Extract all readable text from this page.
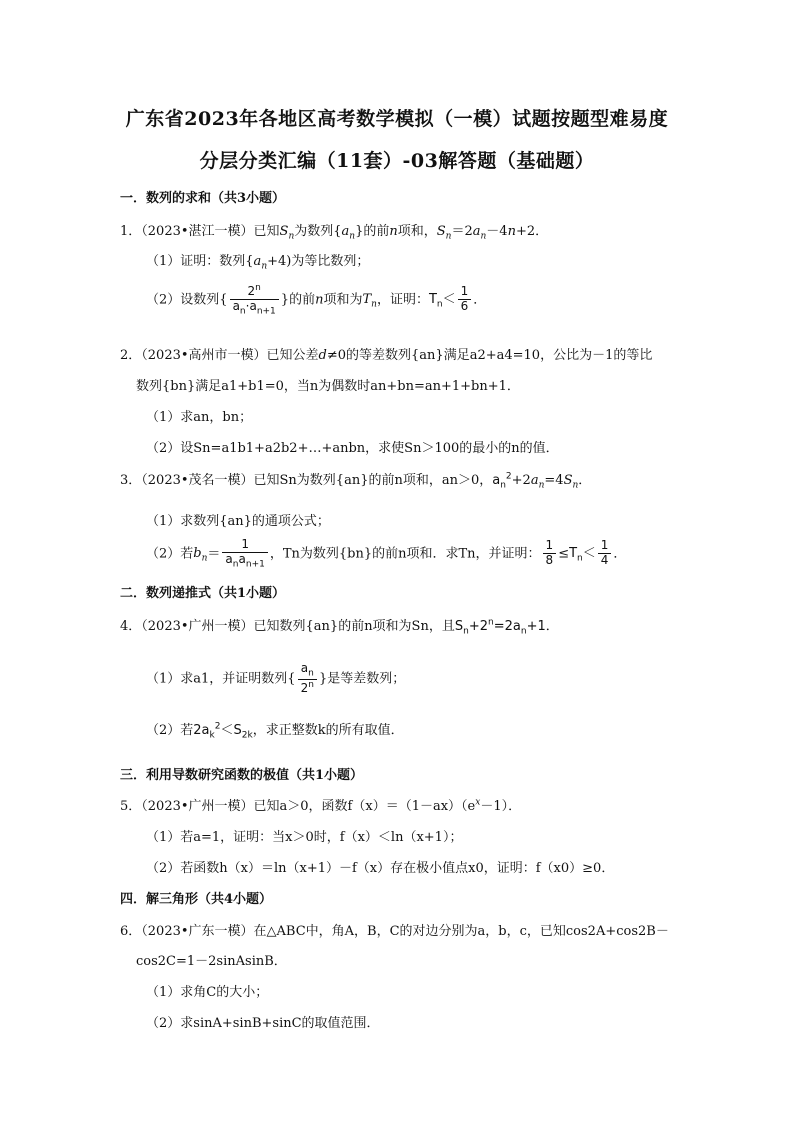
广东省2023年各地区高考数学模拟（一模）试题按题型难易度
分层分类汇编（11套）-03解答题（基础题）
一．数列的求和（共3小题）
1．（2023•湛江一模）已知$S_n$为数列$\{a_n\}$的前n项和，$S_n=2a_n-4n+2$．
（1）证明：数列$\{a_n+4)$为等比数列；
（2）设数列{ $\frac{2^n}{a_n\cdot a_{n+1}}$ }的前n项和为$T_n$，证明：$T_n< \frac{1}{6}$ ．
2．（2023•高州市一模）已知公差d≠0的等差数列{an}满足a2+a4=10，公比为－1的等比
数列{bn}满足a1+b1=0，当n为偶数时an+bn=an+1+bn+1．
（1）求an，bn；
（2）设Sn=a1b1+a2b2+…+anbn，求使Sn＞100的最小的n的值．
3．（2023•茂名一模）已知Sn为数列{an}的前n项和，an＞0，$a_n^2+2a_n=4S_n$．
（1）求数列{an}的通项公式；
（2）若$b_n= \frac{1}{a_na_{n+1}}$ ，Tn为数列{bn}的前n项和．求Tn，并证明： $\frac{1}{8} \le T_n< \frac{1}{4}$ ．
二．数列递推式（共1小题）
4．（2023•广州一模）已知数列{an}的前n项和为Sn，且$S_n+2^n=2a_n+1$．
（1）求a1，并证明数列{ $\frac{a_n}{2^n}$ }是等差数列；
（2）若$2a_k^2<S_{2k}$，求正整数k的所有取值．
三．利用导数研究函数的极值（共1小题）
5．（2023•广州一模）已知a＞0，函数$f(x)=(1-ax)(e^x-1)$．
（1）若a=1，证明：当x＞0时，f（x）＜ln（x+1）；
（2）若函数h（x）＝ln（x+1）－f（x）存在极小值点x0，证明：f（x0）≥0．
四．解三角形（共4小题）
6．（2023•广东一模）在△ABC中，角A，B，C的对边分别为a，b，c，已知cos2A+cos2B－
cos2C=1－2sinAsinB．
（1）求角C的大小；
（2）求sinA+sinB+sinC的取值范围．
